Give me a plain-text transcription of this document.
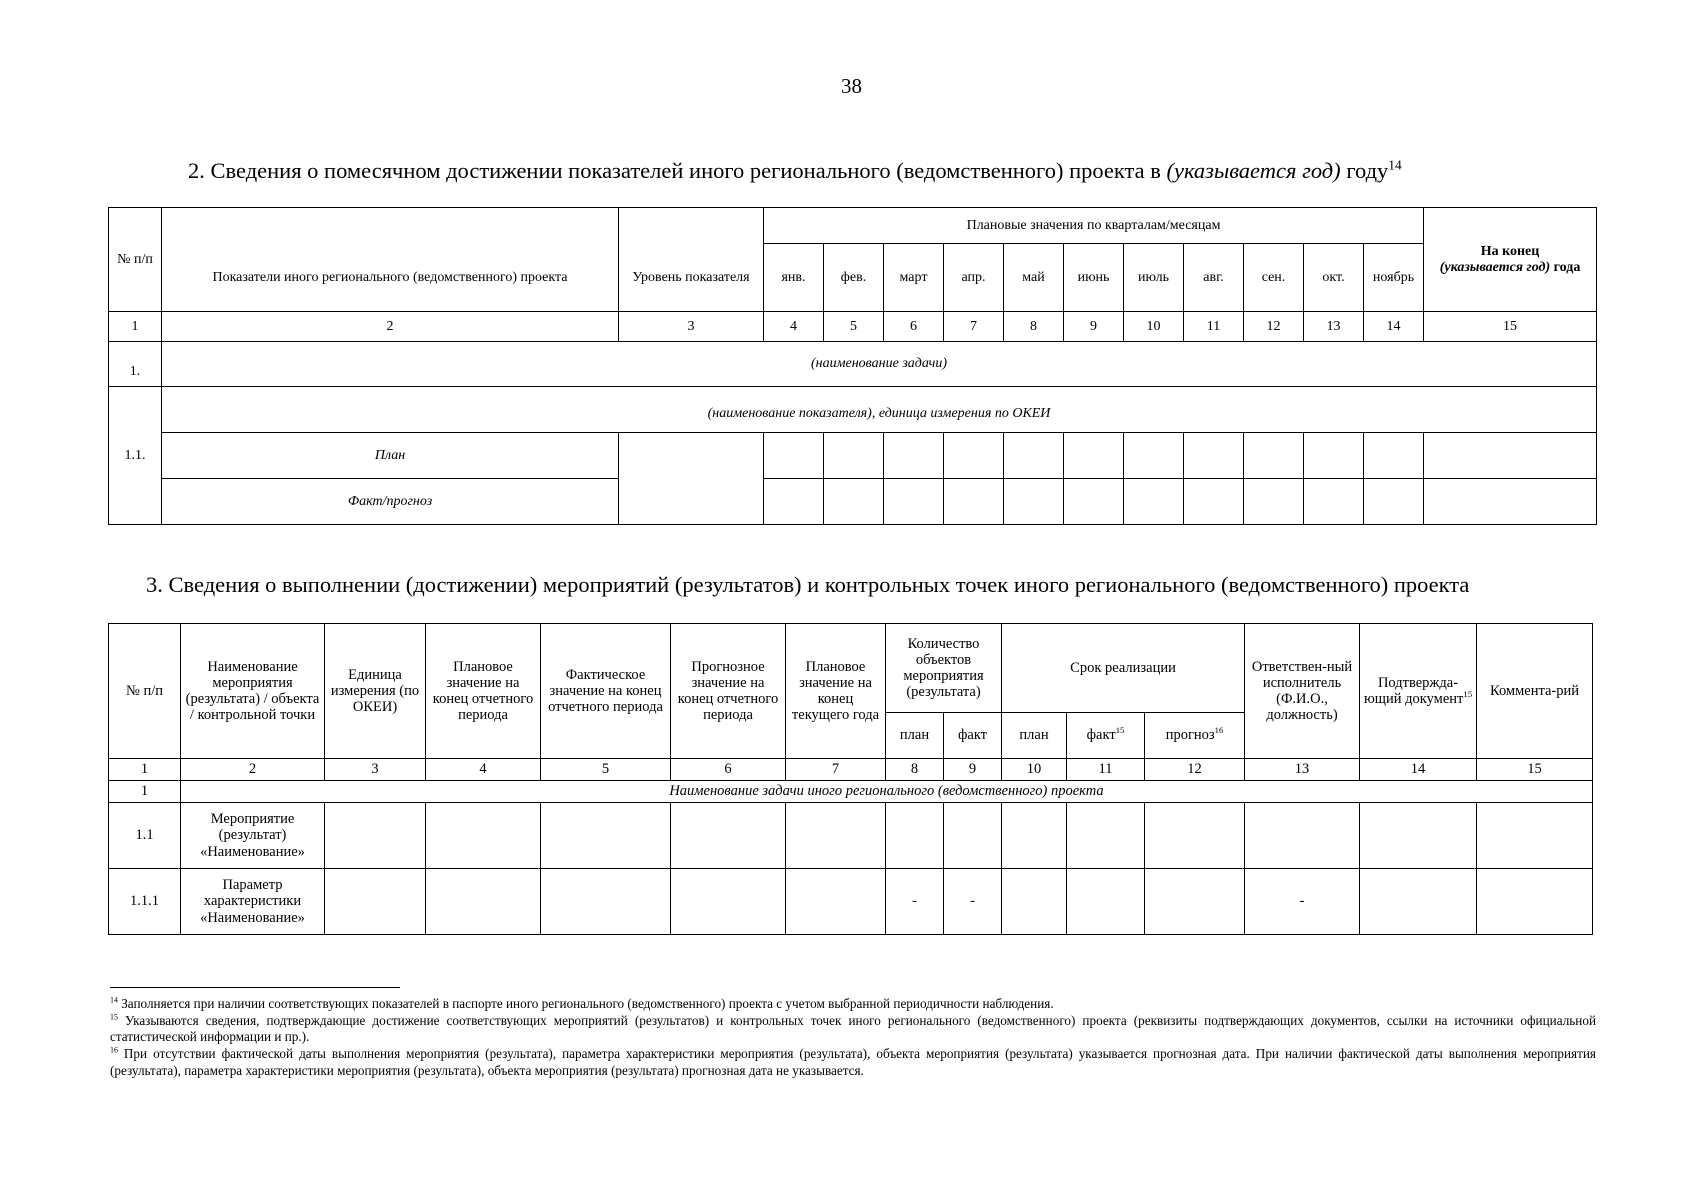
38
2. Сведения о помесячном достижении показателей иного регионального (ведомственного) проекта в (указывается год) году$^{14}$
№ п/п	Показатели иного регионального (ведомственного) проекта	Уровень показателя	Плановые значения по кварталам/месяцам											На конец
(указывается год) года
			янв.	фев.	март	апр.	май	июнь	июль	авг.	сен.	окт.	ноябрь	
1	2	3	4	5	6	7	8	9	10	11	12	13	14	15
1.	(наименование задачи)													
1.1.	(наименование показателя), единица измерения по ОКЕИ													
	План													
	Факт/прогноз													
3. Сведения о выполнении (достижении) мероприятий (результатов) и контрольных точек иного регионального (ведомственного) проекта
№ п/п	Наименование мероприятия (результата) / объекта / контрольной точки	Единица измерения (по ОКЕИ)	Плановое значение на конец отчетного периода	Фактическое значение на конец отчетного периода	Прогнозное значение на конец отчетного периода	Плановое значение на конец текущего года	Количество объектов мероприятия (результата)		Срок реализации			Ответствен-ный исполнитель (Ф.И.О., должность)	Подтвержда-ющий документ$^{15}$	Коммента-рий
							план	факт	план	факт$^{15}$	прогноз$^{16}$
1	2	3	4	5	6	7	8	9	10	11	12	13	14	15
1	Наименование задачи иного регионального (ведомственного) проекта													
1.1	Мероприятие (результат) «Наименование»													
1.1.1	Параметр характеристики «Наименование»						-	-				-		

$^{14}$ Заполняется при наличии соответствующих показателей в паспорте иного регионального (ведомственного) проекта с учетом выбранной периодичности наблюдения.

$^{15}$ Указываются сведения, подтверждающие достижение соответствующих мероприятий (результатов) и контрольных точек иного регионального (ведомственного) проекта (реквизиты подтверждающих документов, ссылки на источники официальной статистической информации и пр.).

$^{16}$ При отсутствии фактической даты выполнения мероприятия (результата), параметра характеристики мероприятия (результата), объекта мероприятия (результата) указывается прогнозная дата. При наличии фактической даты выполнения мероприятия (результата), параметра характеристики мероприятия (результата), объекта мероприятия (результата) прогнозная дата не указывается.
